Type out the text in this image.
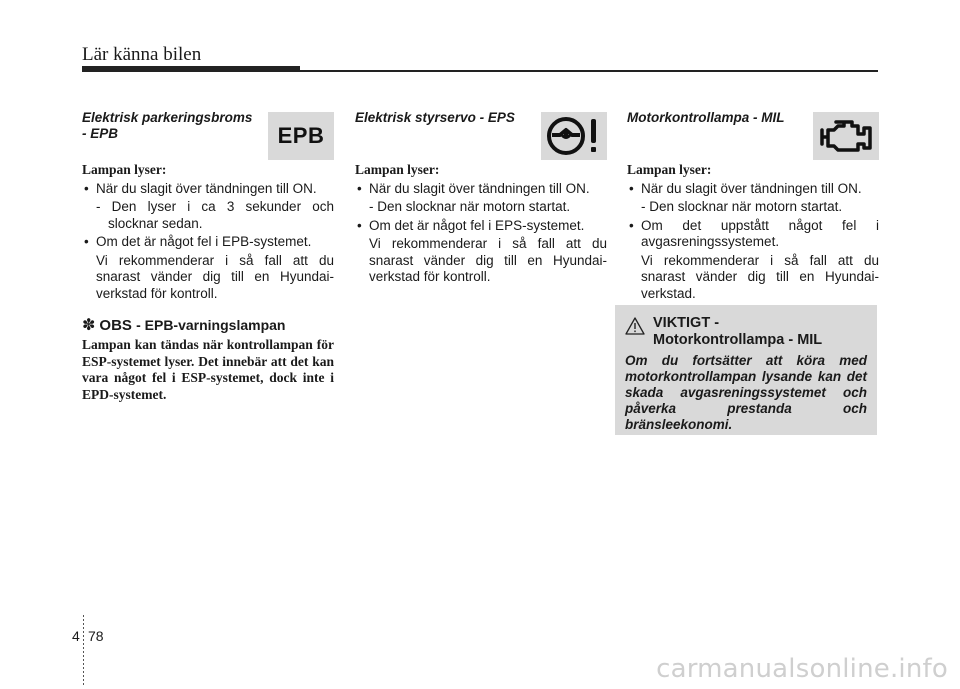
Lär känna bilen
Elektrisk parkeringsbroms - EPB	EPB
Lampan lyser:
• När du slagit över tändningen till ON.
- Den lyser i ca 3 sekunder och slocknar sedan.
• Om det är något fel i EPB-systemet.
Vi rekommenderar i så fall att du snarast vänder dig till en Hyundai-verkstad för kontroll.
✽ OBS - EPB-varningslampan
Lampan kan tändas när kontrollampan för ESP-systemet lyser. Det innebär att det kan vara något fel i ESP-systemet, dock inte i EPD-systemet.
Elektrisk styrservo - EPS
Lampan lyser:
• När du slagit över tändningen till ON.
- Den slocknar när motorn startat.
• Om det är något fel i EPS-systemet.
Vi rekommenderar i så fall att du snarast vänder dig till en Hyundai-verkstad för kontroll.
Motorkontrollampa - MIL
Lampan lyser:
• När du slagit över tändningen till ON.
- Den slocknar när motorn startat.
• Om det uppstått något fel i avgasreningssystemet.
Vi rekommenderar i så fall att du snarast vänder dig till en Hyundai-verkstad.
VIKTIGT -
Motorkontrollampa - MIL
Om du fortsätter att köra med motorkontrollampan lysande kan det skada avgasreningssystemet och påverka prestanda och bränsleekonomi.
4 78
carmanualsonline.info
